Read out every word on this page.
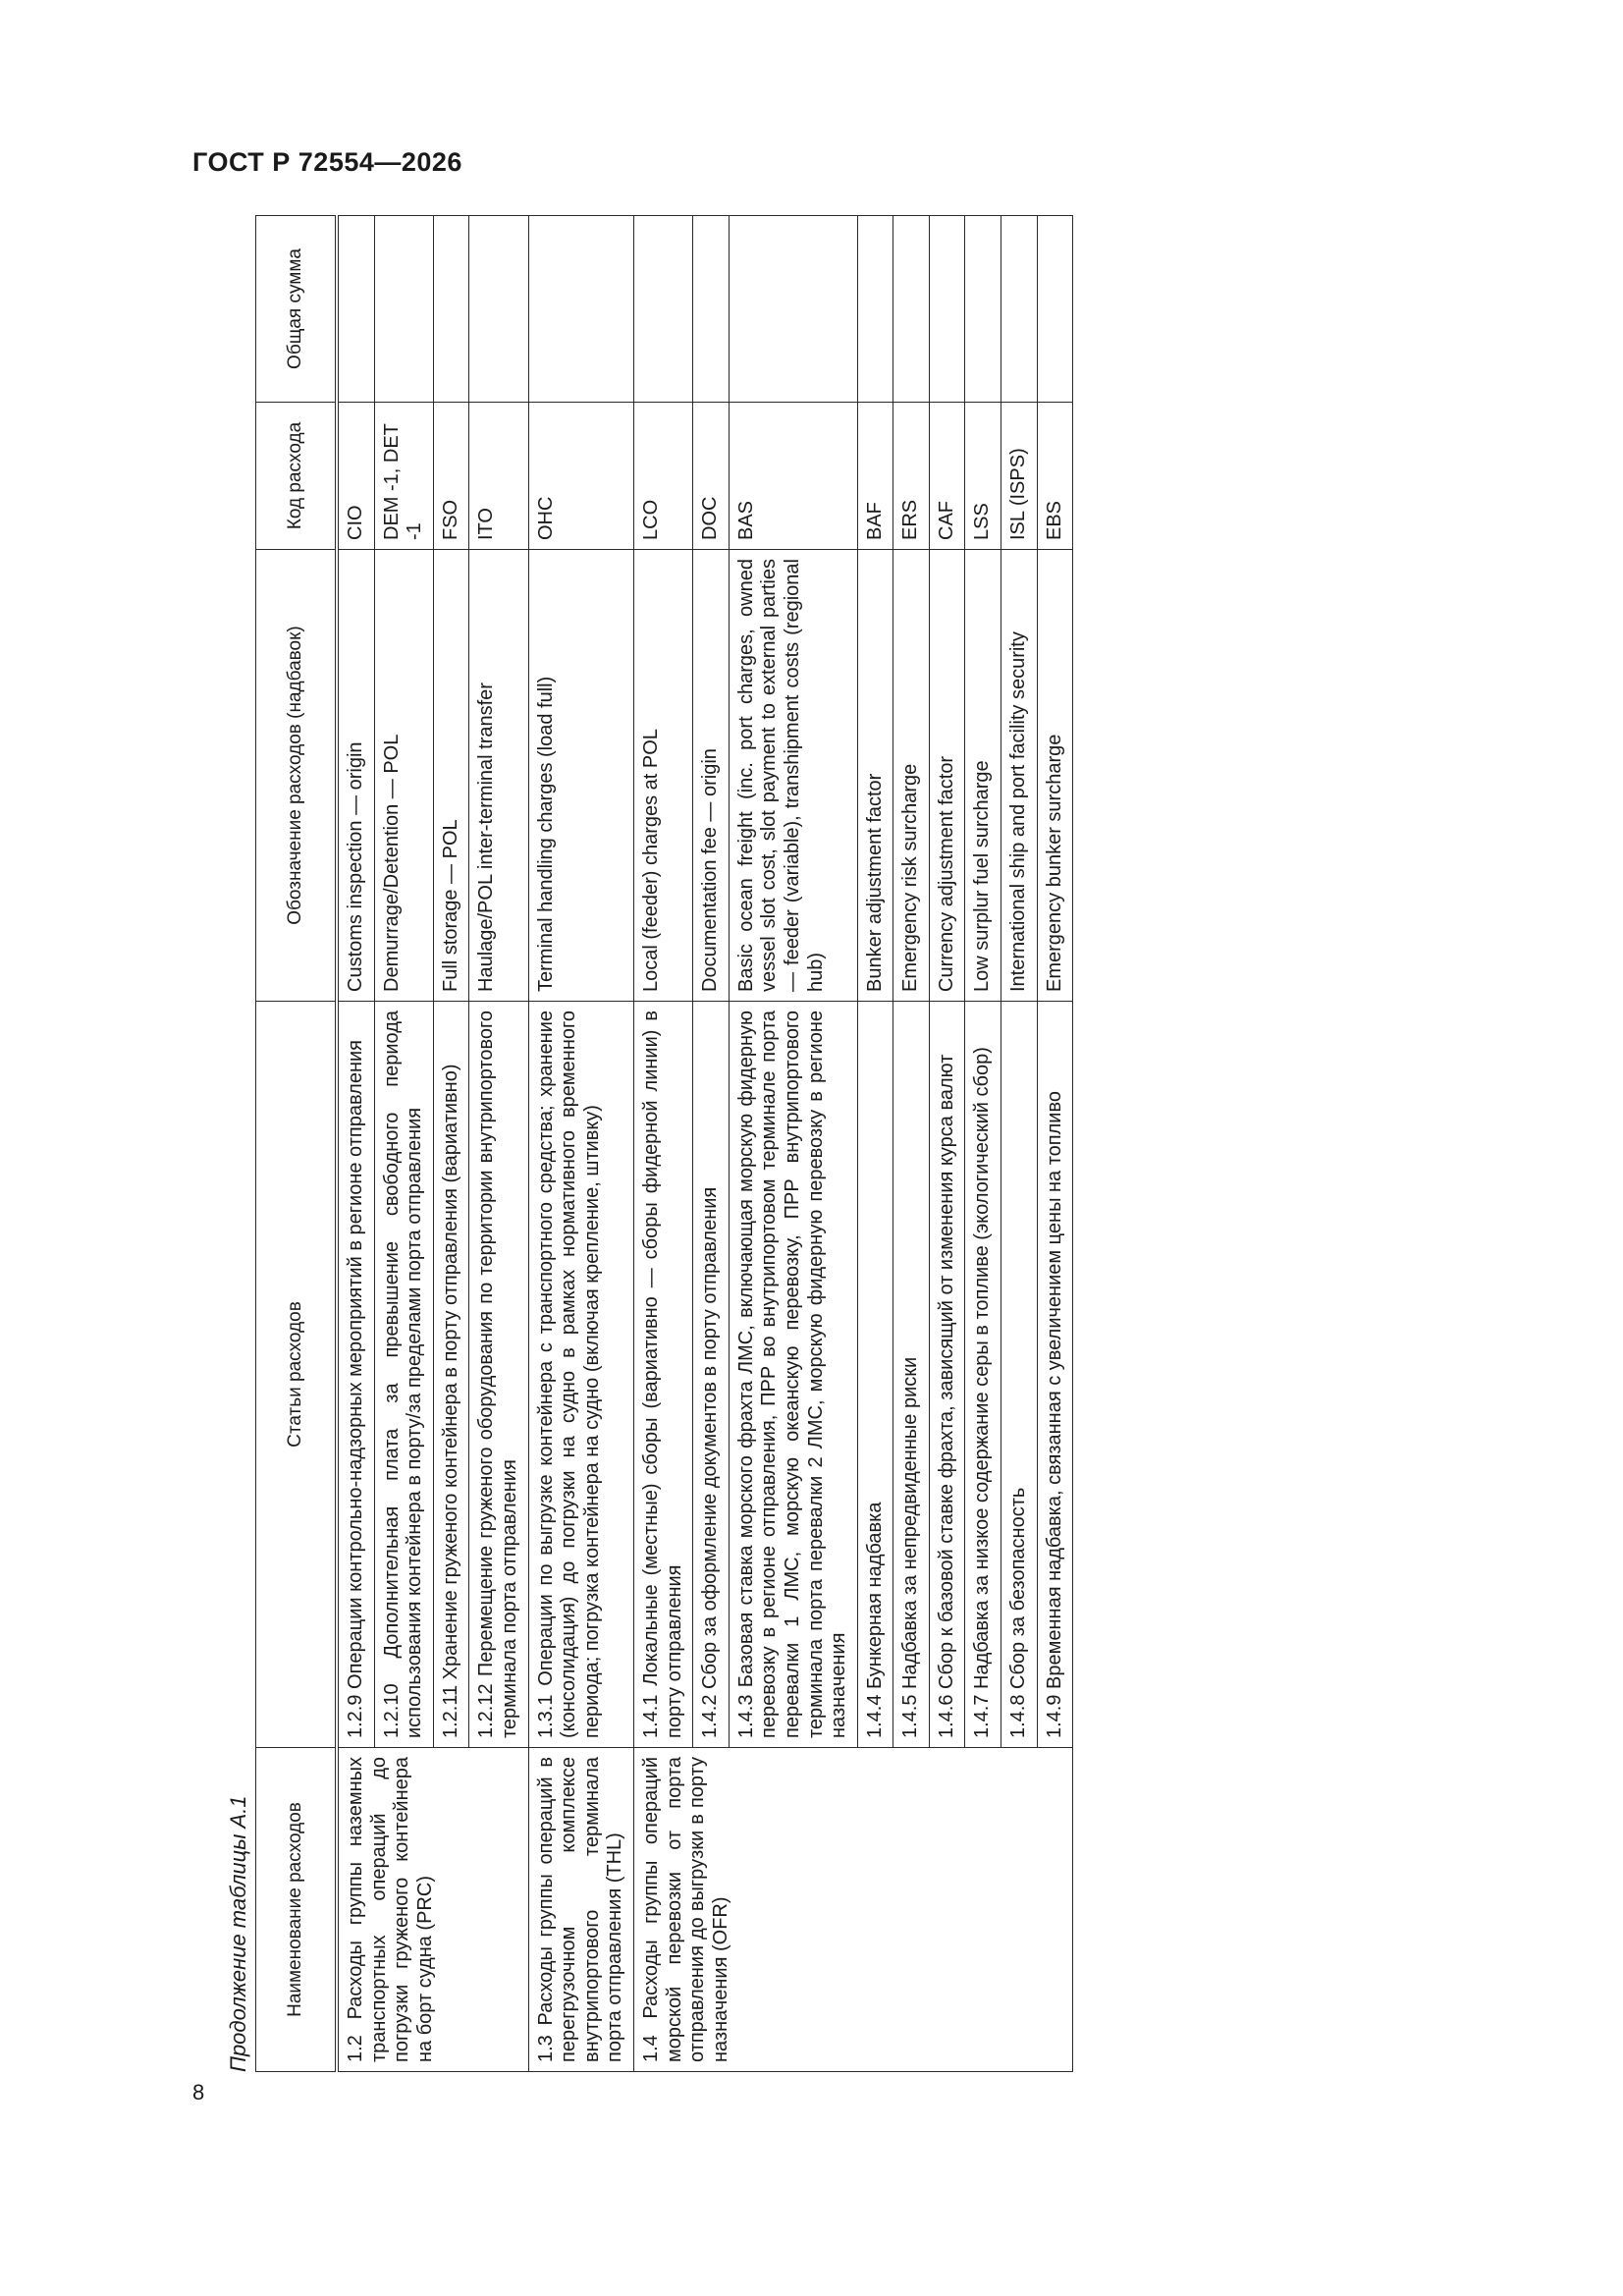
ГОСТ Р 72554—2026
8
Продолжение таблицы А.1 Наименование расходов	Статьи расходов	Обозначение расходов (надбавок)	Код расхода	Общая сумма
1.2 Расходы группы наземных транспортных операций до погрузки груженого контейнера на борт судна (PRC)	1.2.9 Операции контрольно-надзорных мероприятий в регионе отправления	Customs inspection — origin	CIO	
	1.2.10 Дополнительная плата за превышение свободного периода использования контейнера в порту/за пределами порта отправления	Demurrage/Detention — POL	DEM -1, DET -1	
	1.2.11 Хранение груженого контейнера в порту отправления (вариативно)	Full storage — POL	FSO	
	1.2.12 Перемещение груженого оборудования по территории внутрипортового терминала порта отправления	Haulage/POL inter-terminal transfer	ITO	
1.3 Расходы группы операций в перегрузочном комплексе внутрипортового терминала порта отправления (THL)	1.3.1 Операции по выгрузке контейнера с транспортного средства; хранение (консолидация) до погрузки на судно в рамках нормативного временного периода; погрузка контейнера на судно (включая крепление, штивку)	Terminal handling charges (load full)	OHC	
1.4 Расходы группы операций морской перевозки от порта отправления до выгрузки в порту назначения (OFR)	1.4.1 Локальные (местные) сборы (вариативно — сборы фидерной линии) в порту отправления	Local (feeder) charges at POL	LCO	
	1.4.2 Сбор за оформление документов в порту отправления	Documentation fee — origin	DOC	
	1.4.3 Базовая ставка морского фрахта ЛМС, включающая морскую фидерную перевозку в регионе отправления, ПРР во внутрипортовом терминале порта перевалки 1 ЛМС, морскую океанскую перевозку, ПРР внутрипортового терминала порта перевалки 2 ЛМС, морскую фидерную перевозку в регионе назначения	Basic ocean freight (inc. port charges, owned vessel slot cost, slot payment to external parties — feeder (variable), transhipment costs (regional hub)	BAS	
	1.4.4 Бункерная надбавка	Bunker adjustment factor	BAF	
	1.4.5 Надбавка за непредвиденные риски	Emergency risk surcharge	ERS	
	1.4.6 Сбор к базовой ставке фрахта, зависящий от изменения курса валют	Currency adjustment factor	CAF	
	1.4.7 Надбавка за низкое содержание серы в топливе (экологический сбор)	Low surplur fuel surcharge	LSS	
	1.4.8 Сбор за безопасность	International ship and port facility security	ISL (ISPS)	
	1.4.9 Временная надбавка, связанная с увеличением цены на топливо	Emergency bunker surcharge	EBS	
